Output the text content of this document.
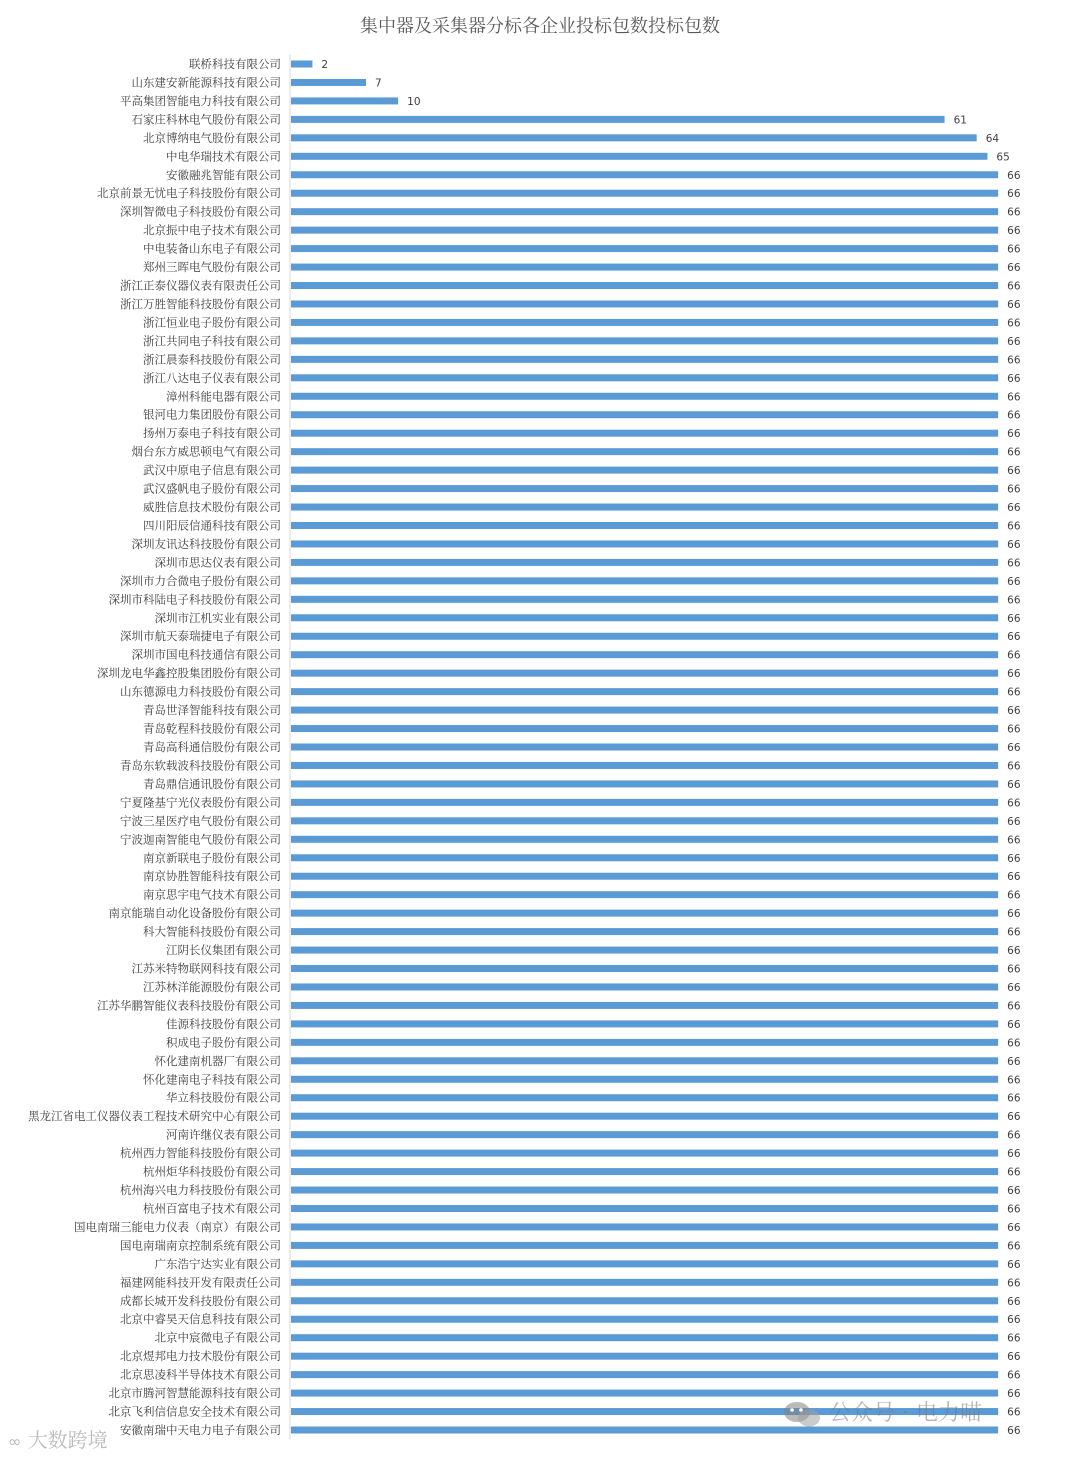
集中器及采集器分标各企业投标包数投标包数
联桥科技有限公司	2
山东建安新能源科技有限公司	7
平高集团智能电力科技有限公司	10
石家庄科林电气股份有限公司	61
北京博纳电气股份有限公司	64
中电华瑞技术有限公司	65
安徽融兆智能有限公司	66
北京前景无忧电子科技股份有限公司	66
深圳智微电子科技股份有限公司	66
北京振中电子技术有限公司	66
中电装备山东电子有限公司	66
郑州三晖电气股份有限公司	66
浙江正泰仪器仪表有限责任公司	66
浙江万胜智能科技股份有限公司	66
浙江恒业电子股份有限公司	66
浙江共同电子科技有限公司	66
浙江晨泰科技股份有限公司	66
浙江八达电子仪表有限公司	66
漳州科能电器有限公司	66
银河电力集团股份有限公司	66
扬州万泰电子科技有限公司	66
烟台东方威思顿电气有限公司	66
武汉中原电子信息有限公司	66
武汉盛帆电子股份有限公司	66
威胜信息技术股份有限公司	66
四川阳辰信通科技有限公司	66
深圳友讯达科技股份有限公司	66
深圳市思达仪表有限公司	66
深圳市力合微电子股份有限公司	66
深圳市科陆电子科技股份有限公司	66
深圳市江机实业有限公司	66
深圳市航天泰瑞捷电子有限公司	66
深圳市国电科技通信有限公司	66
深圳龙电华鑫控股集团股份有限公司	66
山东德源电力科技股份有限公司	66
青岛世泽智能科技有限公司	66
青岛乾程科技股份有限公司	66
青岛高科通信股份有限公司	66
青岛东软载波科技股份有限公司	66
青岛鼎信通讯股份有限公司	66
宁夏隆基宁光仪表股份有限公司	66
宁波三星医疗电气股份有限公司	66
宁波迦南智能电气股份有限公司	66
南京新联电子股份有限公司	66
南京协胜智能科技有限公司	66
南京思宇电气技术有限公司	66
南京能瑞自动化设备股份有限公司	66
科大智能科技股份有限公司	66
江阴长仪集团有限公司	66
江苏米特物联网科技有限公司	66
江苏林洋能源股份有限公司	66
江苏华鹏智能仪表科技股份有限公司	66
佳源科技股份有限公司	66
积成电子股份有限公司	66
怀化建南机器厂有限公司	66
怀化建南电子科技有限公司	66
华立科技股份有限公司	66
黑龙江省电工仪器仪表工程技术研究中心有限公司	66
河南许继仪表有限公司	66
杭州西力智能科技股份有限公司	66
杭州炬华科技股份有限公司	66
杭州海兴电力科技股份有限公司	66
杭州百富电子技术有限公司	66
国电南瑞三能电力仪表（南京）有限公司	66
国电南瑞南京控制系统有限公司	66
广东浩宁达实业有限公司	66
福建网能科技开发有限责任公司	66
成都长城开发科技股份有限公司	66
北京中睿昊天信息科技有限公司	66
北京中宸微电子有限公司	66
北京煜邦电力技术股份有限公司	66
北京思凌科半导体技术有限公司	66
北京市腾河智慧能源科技有限公司	66
北京飞利信信息安全技术有限公司	66
安徽南瑞中天电力电子有限公司	66
公众号 · 电力喵
∞ 大数跨境
